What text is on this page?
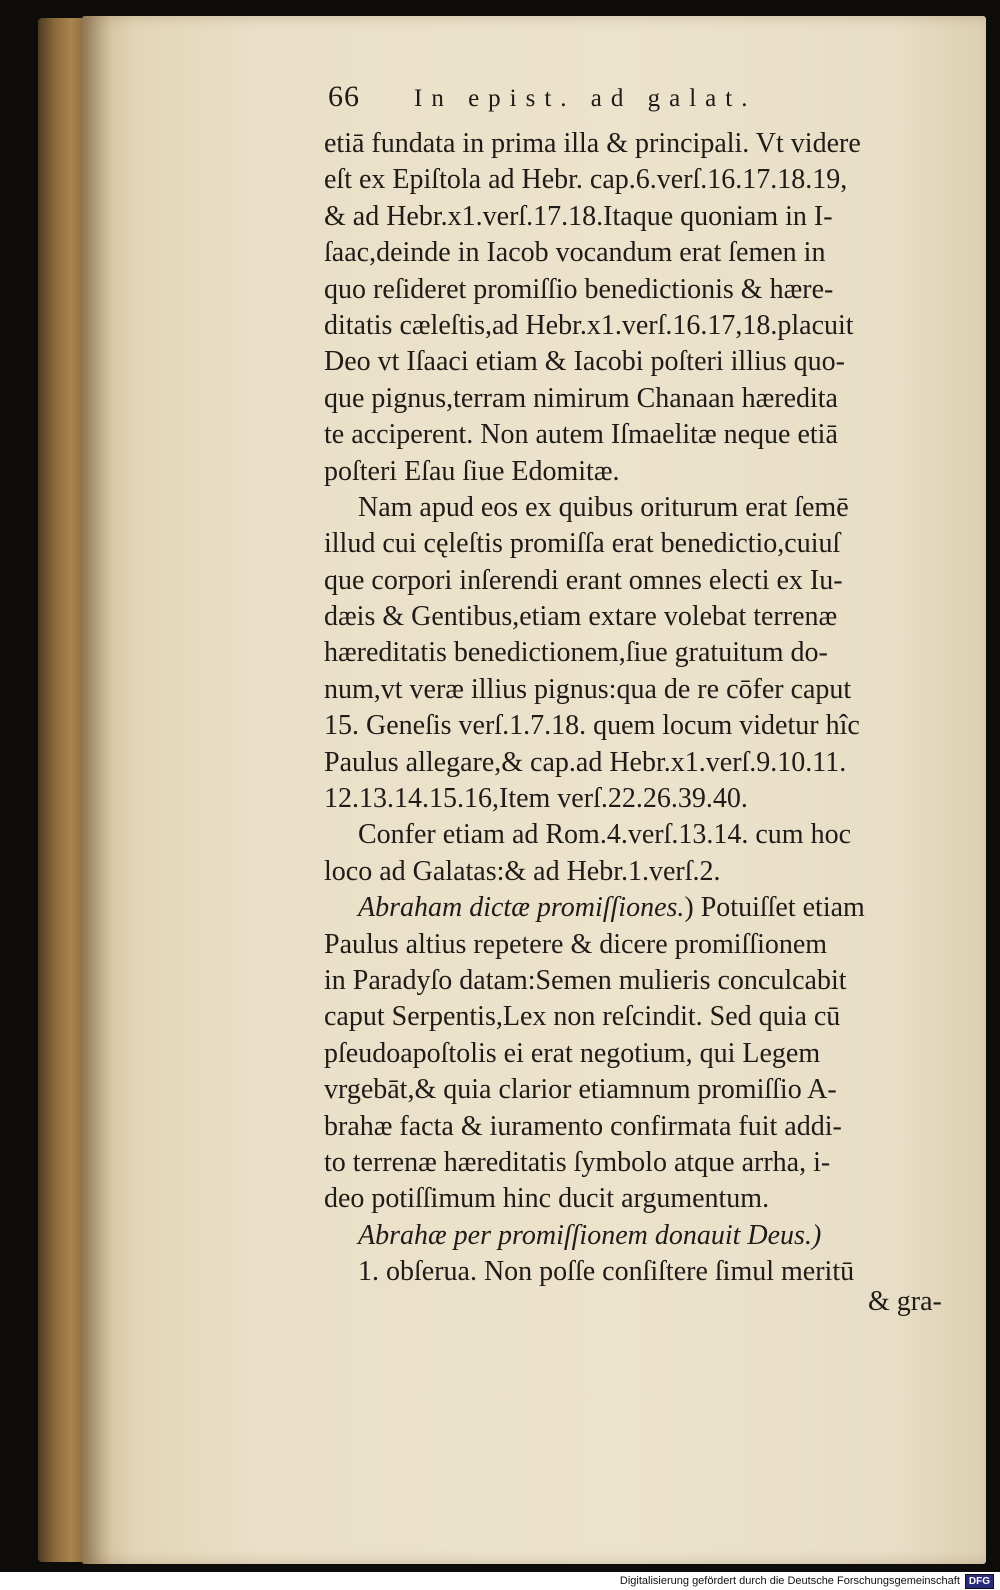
66	In epist. ad galat.
etiā fundata in prima illa & principali. Vt videre
eſt ex Epiſtola ad Hebr. cap.6.verſ.16.17.18.19,
& ad Hebr.x1.verſ.17.18.Itaque quoniam in I-
ſaac,deinde in Iacob vocandum erat ſemen in
quo reſideret promiſſio benedictionis & hære-
ditatis cæleſtis,ad Hebr.x1.verſ.16.17,18.placuit
Deo vt Iſaaci etiam & Iacobi poſteri illius quo-
que pignus,terram nimirum Chanaan hæredita
te acciperent. Non autem Iſmaelitæ neque etiā
poſteri Eſau ſiue Edomitæ.
Nam apud eos ex quibus oriturum erat ſemē
illud cui cęleſtis promiſſa erat benedictio,cuiuſ
que corpori inſerendi erant omnes electi ex Iu-
dæis & Gentibus,etiam extare volebat terrenæ
hæreditatis benedictionem,ſiue gratuitum do-
num,vt veræ illius pignus:qua de re cōfer caput
15. Geneſis verſ.1.7.18. quem locum videtur hîc
Paulus allegare,& cap.ad Hebr.x1.verſ.9.10.11.
12.13.14.15.16,Item verſ.22.26.39.40.
Confer etiam ad Rom.4.verſ.13.14. cum hoc
loco ad Galatas:& ad Hebr.1.verſ.2.
Abraham dictæ promiſſiones.) Potuiſſet etiam
Paulus altius repetere & dicere promiſſionem
in Paradyſo datam:Semen mulieris conculcabit
caput Serpentis,Lex non reſcindit. Sed quia cū
pſeudoapoſtolis ei erat negotium, qui Legem
vrgebāt,& quia clarior etiamnum promiſſio A-
brahæ facta & iuramento confirmata fuit addi-
to terrenæ hæreditatis ſymbolo atque arrha, i-
deo potiſſimum hinc ducit argumentum.
Abrahæ per promiſſionem donauit Deus.)
1. obſerua. Non poſſe conſiſtere ſimul meritū
& gra-
Digitalisierung gefördert durch die Deutsche Forschungsgemeinschaft DFG
